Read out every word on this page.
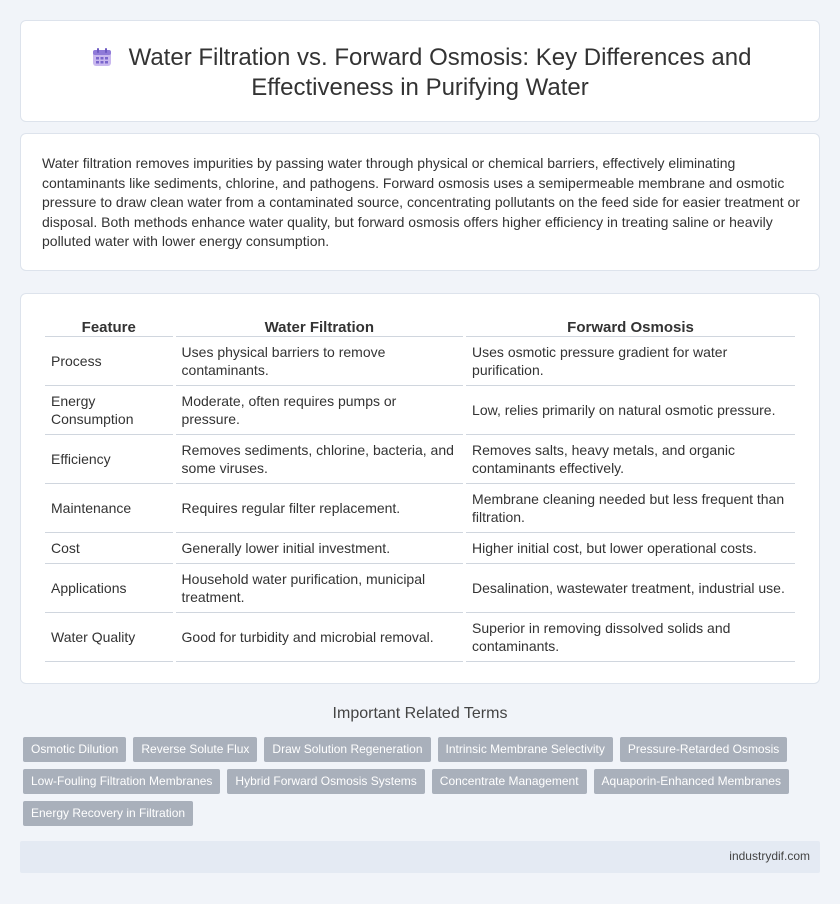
Water Filtration vs. Forward Osmosis: Key Differences and
Effectiveness in Purifying Water

Water filtration removes impurities by passing water through physical or chemical barriers, effectively eliminating contaminants like sediments, chlorine, and pathogens. Forward osmosis uses a semipermeable membrane and osmotic pressure to draw clean water from a contaminated source, concentrating pollutants on the feed side for easier treatment or disposal. Both methods enhance water quality, but forward osmosis offers higher efficiency in treating saline or heavily polluted water with lower energy consumption.

Feature	Water Filtration	Forward Osmosis
Process	Uses physical barriers to remove contaminants.	Uses osmotic pressure gradient for water purification.
Energy Consumption	Moderate, often requires pumps or pressure.	Low, relies primarily on natural osmotic pressure.
Efficiency	Removes sediments, chlorine, bacteria, and some viruses.	Removes salts, heavy metals, and organic contaminants effectively.
Maintenance	Requires regular filter replacement.	Membrane cleaning needed but less frequent than filtration.
Cost	Generally lower initial investment.	Higher initial cost, but lower operational costs.
Applications	Household water purification, municipal treatment.	Desalination, wastewater treatment, industrial use.
Water Quality	Good for turbidity and microbial removal.	Superior in removing dissolved solids and contaminants.
Important Related Terms
Osmotic Dilution	Reverse Solute Flux	Draw Solution Regeneration	Intrinsic Membrane Selectivity	Pressure-Retarded Osmosis
Low-Fouling Filtration Membranes	Hybrid Forward Osmosis Systems	Concentrate Management	Aquaporin-Enhanced Membranes
Energy Recovery in Filtration
industrydif.com
